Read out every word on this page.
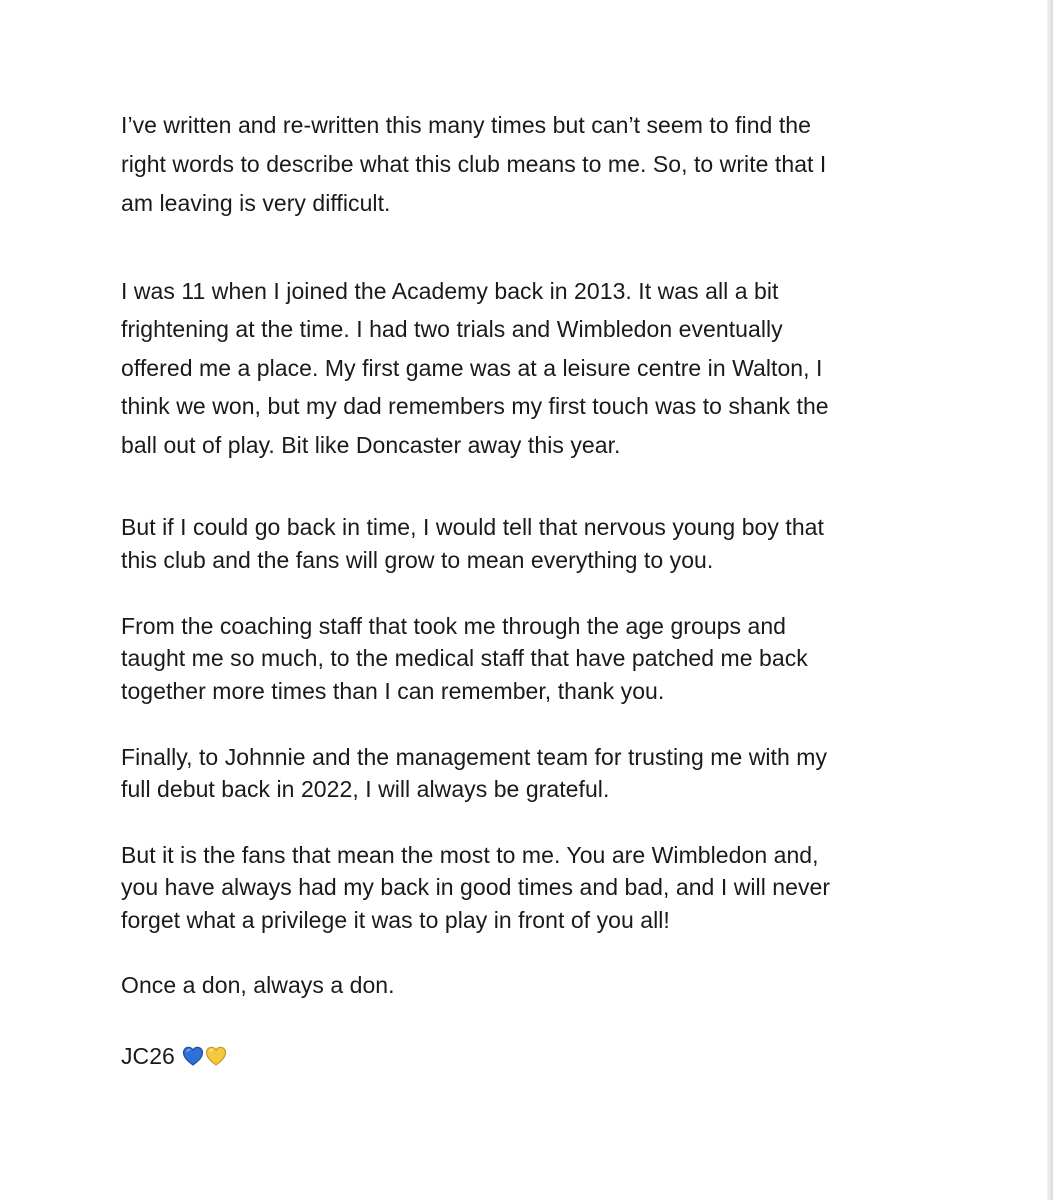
I’ve written and re-written this many times but can’t seem to find the
right words to describe what this club means to me. So, to write that I
am leaving is very difficult.
I was 11 when I joined the Academy back in 2013. It was all a bit
frightening at the time. I had two trials and Wimbledon eventually
offered me a place. My first game was at a leisure centre in Walton, I
think we won, but my dad remembers my first touch was to shank the
ball out of play. Bit like Doncaster away this year.
But if I could go back in time, I would tell that nervous young boy that
this club and the fans will grow to mean everything to you.
From the coaching staff that took me through the age groups and
taught me so much, to the medical staff that have patched me back
together more times than I can remember, thank you.
Finally, to Johnnie and the management team for trusting me with my
full debut back in 2022, I will always be grateful.
But it is the fans that mean the most to me. You are Wimbledon and,
you have always had my back in good times and bad, and I will never
forget what a privilege it was to play in front of you all!
Once a don, always a don.
JC26
